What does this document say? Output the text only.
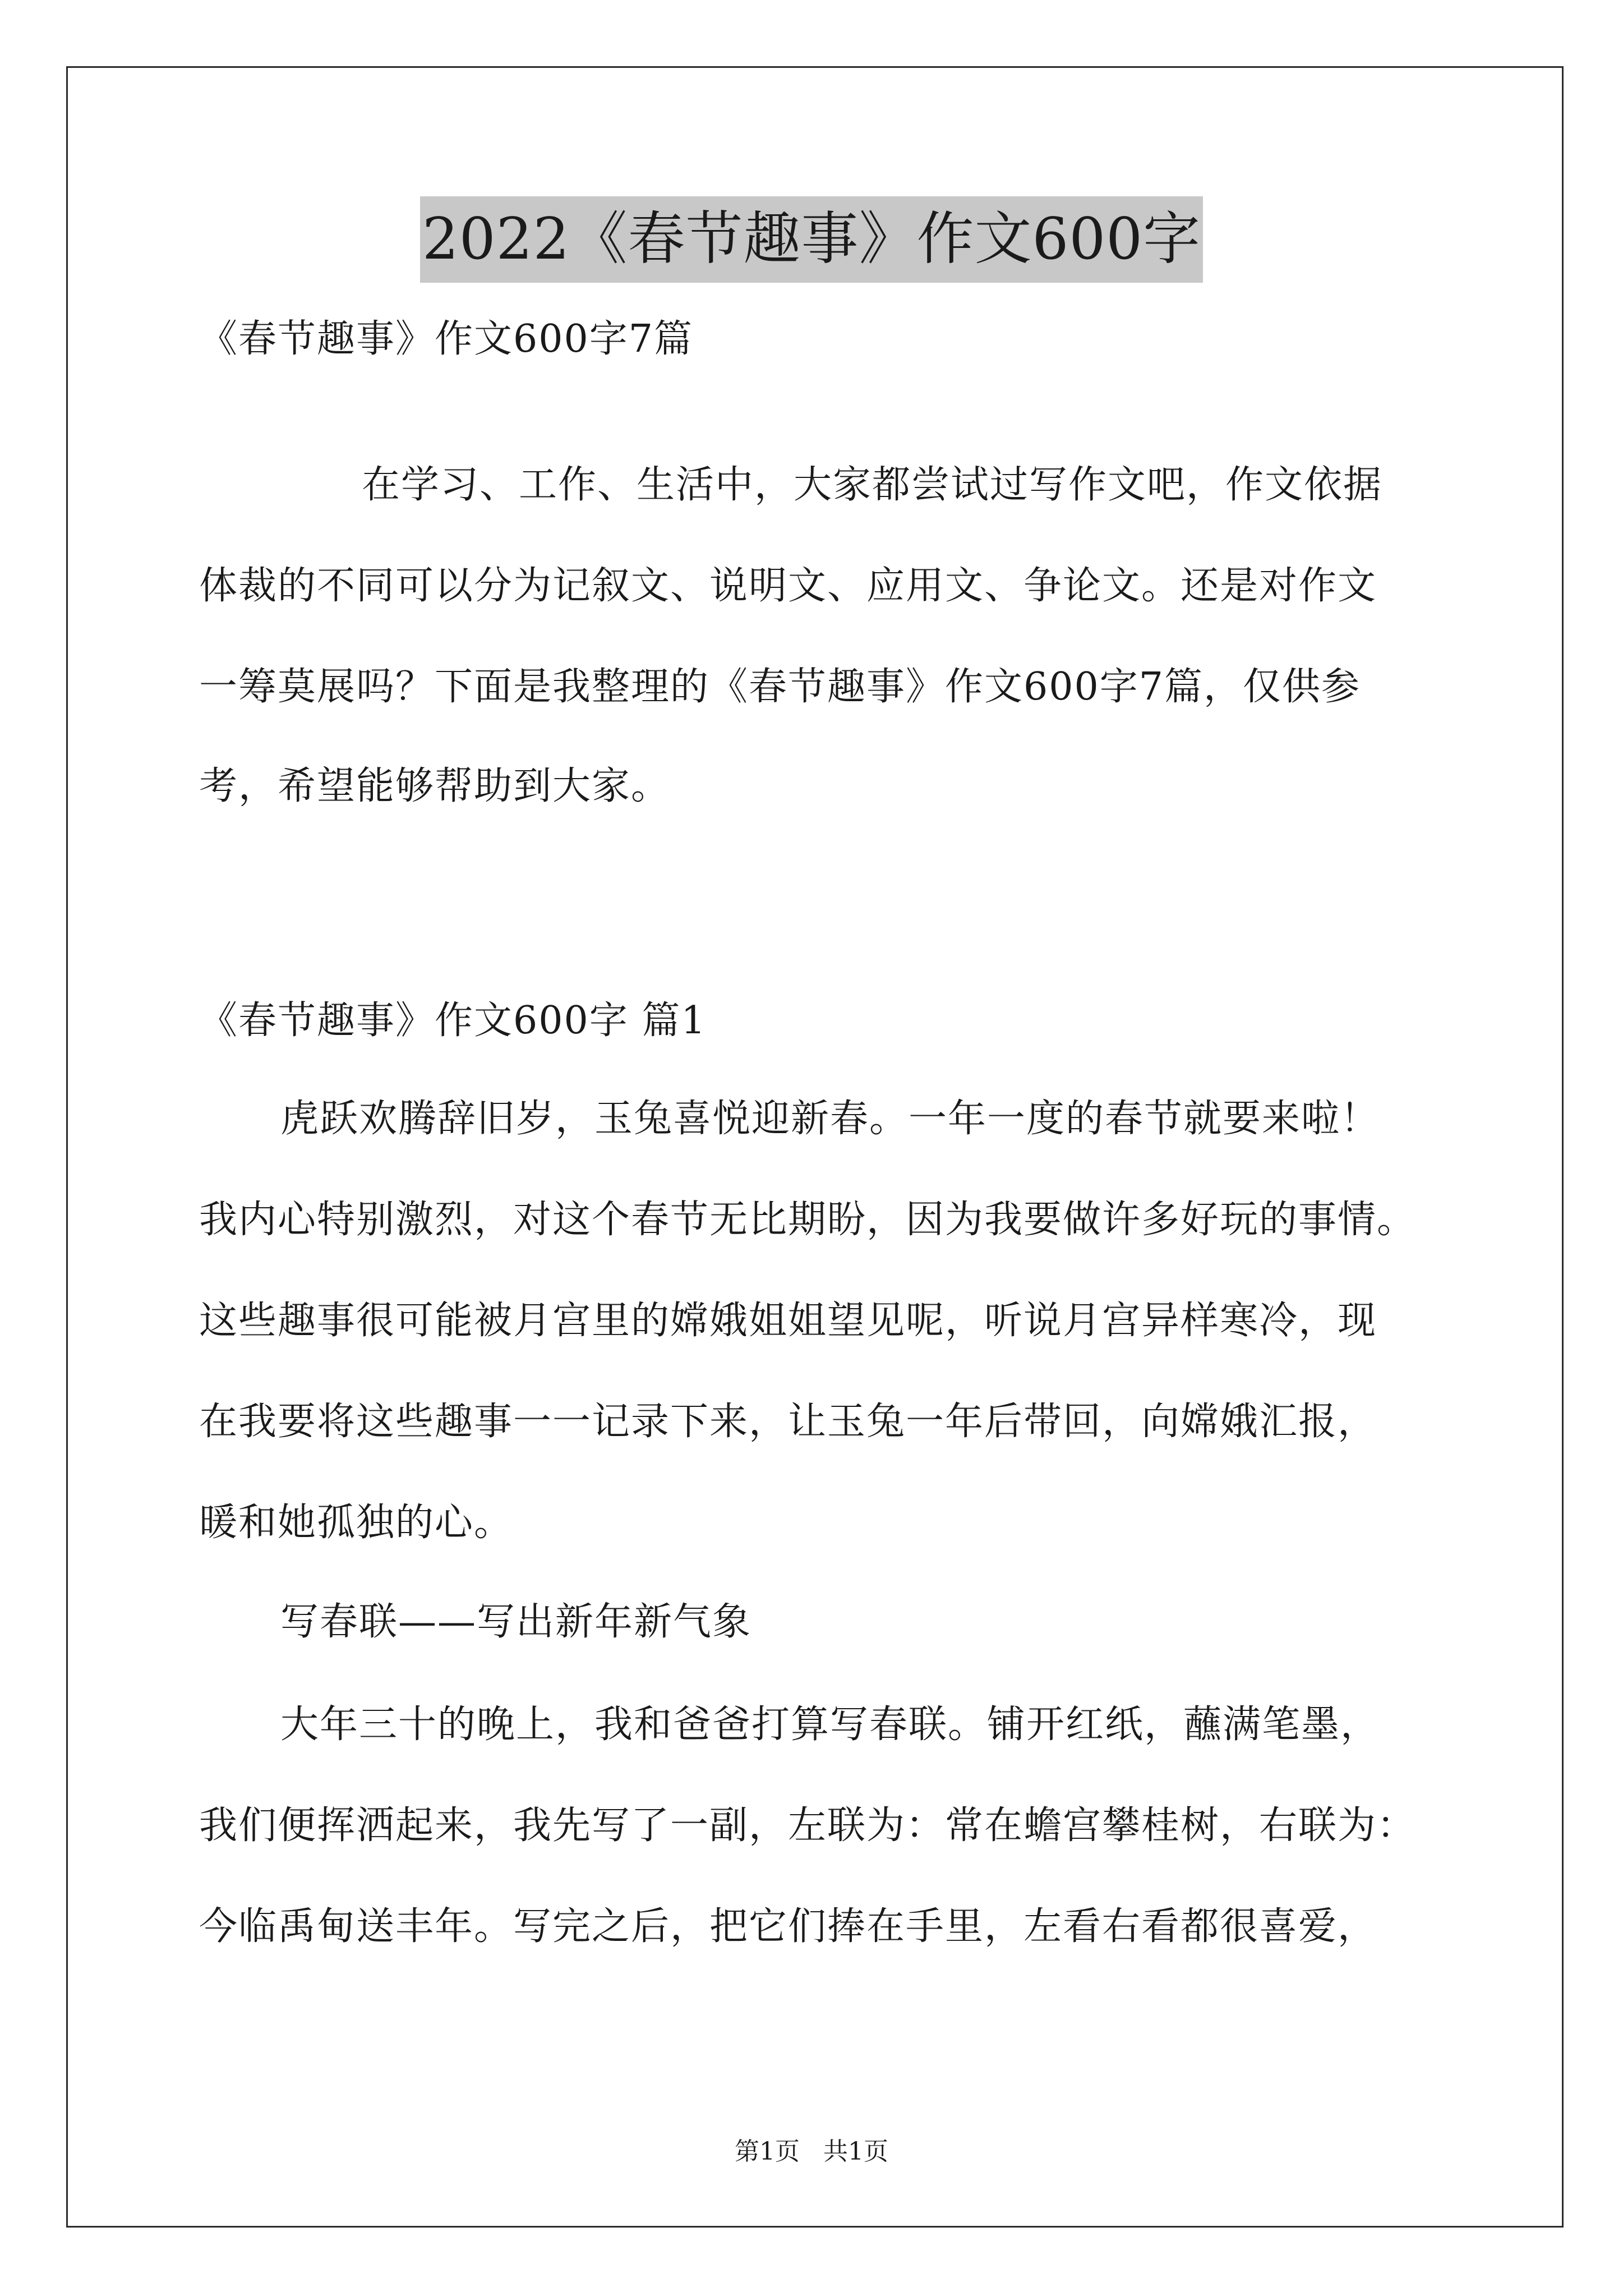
2022《春节趣事》作文600字
《春节趣事》作文600字7篇
在学习、工作、生活中，大家都尝试过写作文吧，作文依据
体裁的不同可以分为记叙文、说明文、应用文、争论文。还是对作文
一筹莫展吗？下面是我整理的《春节趣事》作文600字7篇，仅供参
考，希望能够帮助到大家。
《春节趣事》作文600字 篇1
虎跃欢腾辞旧岁，玉兔喜悦迎新春。一年一度的春节就要来啦！
我内心特别激烈，对这个春节无比期盼，因为我要做许多好玩的事情。
这些趣事很可能被月宫里的嫦娥姐姐望见呢，听说月宫异样寒冷，现
在我要将这些趣事一一记录下来，让玉兔一年后带回，向嫦娥汇报，
暖和她孤独的心。
写春联——写出新年新气象
大年三十的晚上，我和爸爸打算写春联。铺开红纸，蘸满笔墨，
我们便挥洒起来，我先写了一副，左联为：常在蟾宫攀桂树，右联为：
今临禹甸送丰年。写完之后，把它们捧在手里，左看右看都很喜爱，
第1页 共1页
